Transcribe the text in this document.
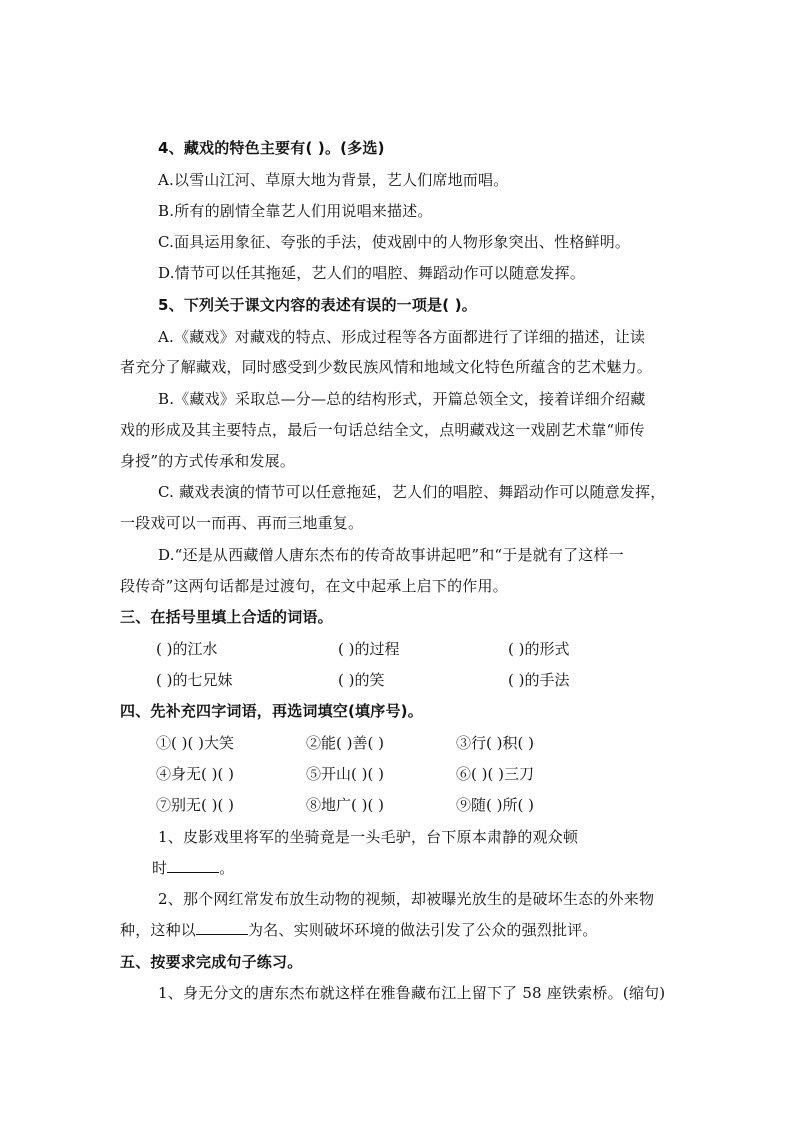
4、藏戏的特色主要有( )。(多选)
A.以雪山江河、草原大地为背景，艺人们席地而唱。
B.所有的剧情全靠艺人们用说唱来描述。
C.面具运用象征、夸张的手法，使戏剧中的人物形象突出、性格鲜明。
D.情节可以任其拖延，艺人们的唱腔、舞蹈动作可以随意发挥。
5、下列关于课文内容的表述有误的一项是( )。
A.《藏戏》对藏戏的特点、形成过程等各方面都进行了详细的描述，让读
者充分了解藏戏，同时感受到少数民族风情和地域文化特色所蕴含的艺术魅力。
B.《藏戏》采取总—分—总的结构形式，开篇总领全文，接着详细介绍藏
戏的形成及其主要特点，最后一句话总结全文，点明藏戏这一戏剧艺术靠“师传
身授”的方式传承和发展。
C. 藏戏表演的情节可以任意拖延，艺人们的唱腔、舞蹈动作可以随意发挥，
一段戏可以一而再、再而三地重复。
D.“还是从西藏僧人唐东杰布的传奇故事讲起吧”和“于是就有了这样一
段传奇”这两句话都是过渡句，在文中起承上启下的作用。
三、在括号里填上合适的词语。
( )的江水	( )的过程	( )的形式
( )的七兄妹	( )的笑	( )的手法
四、先补充四字词语，再选词填空(填序号)。
①( )( )大笑	②能( )善( )	③行( )积( )
④身无( )( )	⑤开山( )( )	⑥( )( )三刀
⑦别无( )( )	⑧地广( )( )	⑨随( )所( )
1、皮影戏里将军的坐骑竟是一头毛驴，台下原本肃静的观众顿
时	。
2、那个网红常发布放生动物的视频，却被曝光放生的是破坏生态的外来物
种，这种以	为名、实则破坏环境的做法引发了公众的强烈批评。
五、按要求完成句子练习。
1、身无分文的唐东杰布就这样在雅鲁藏布江上留下了 58 座铁索桥。(缩句)
